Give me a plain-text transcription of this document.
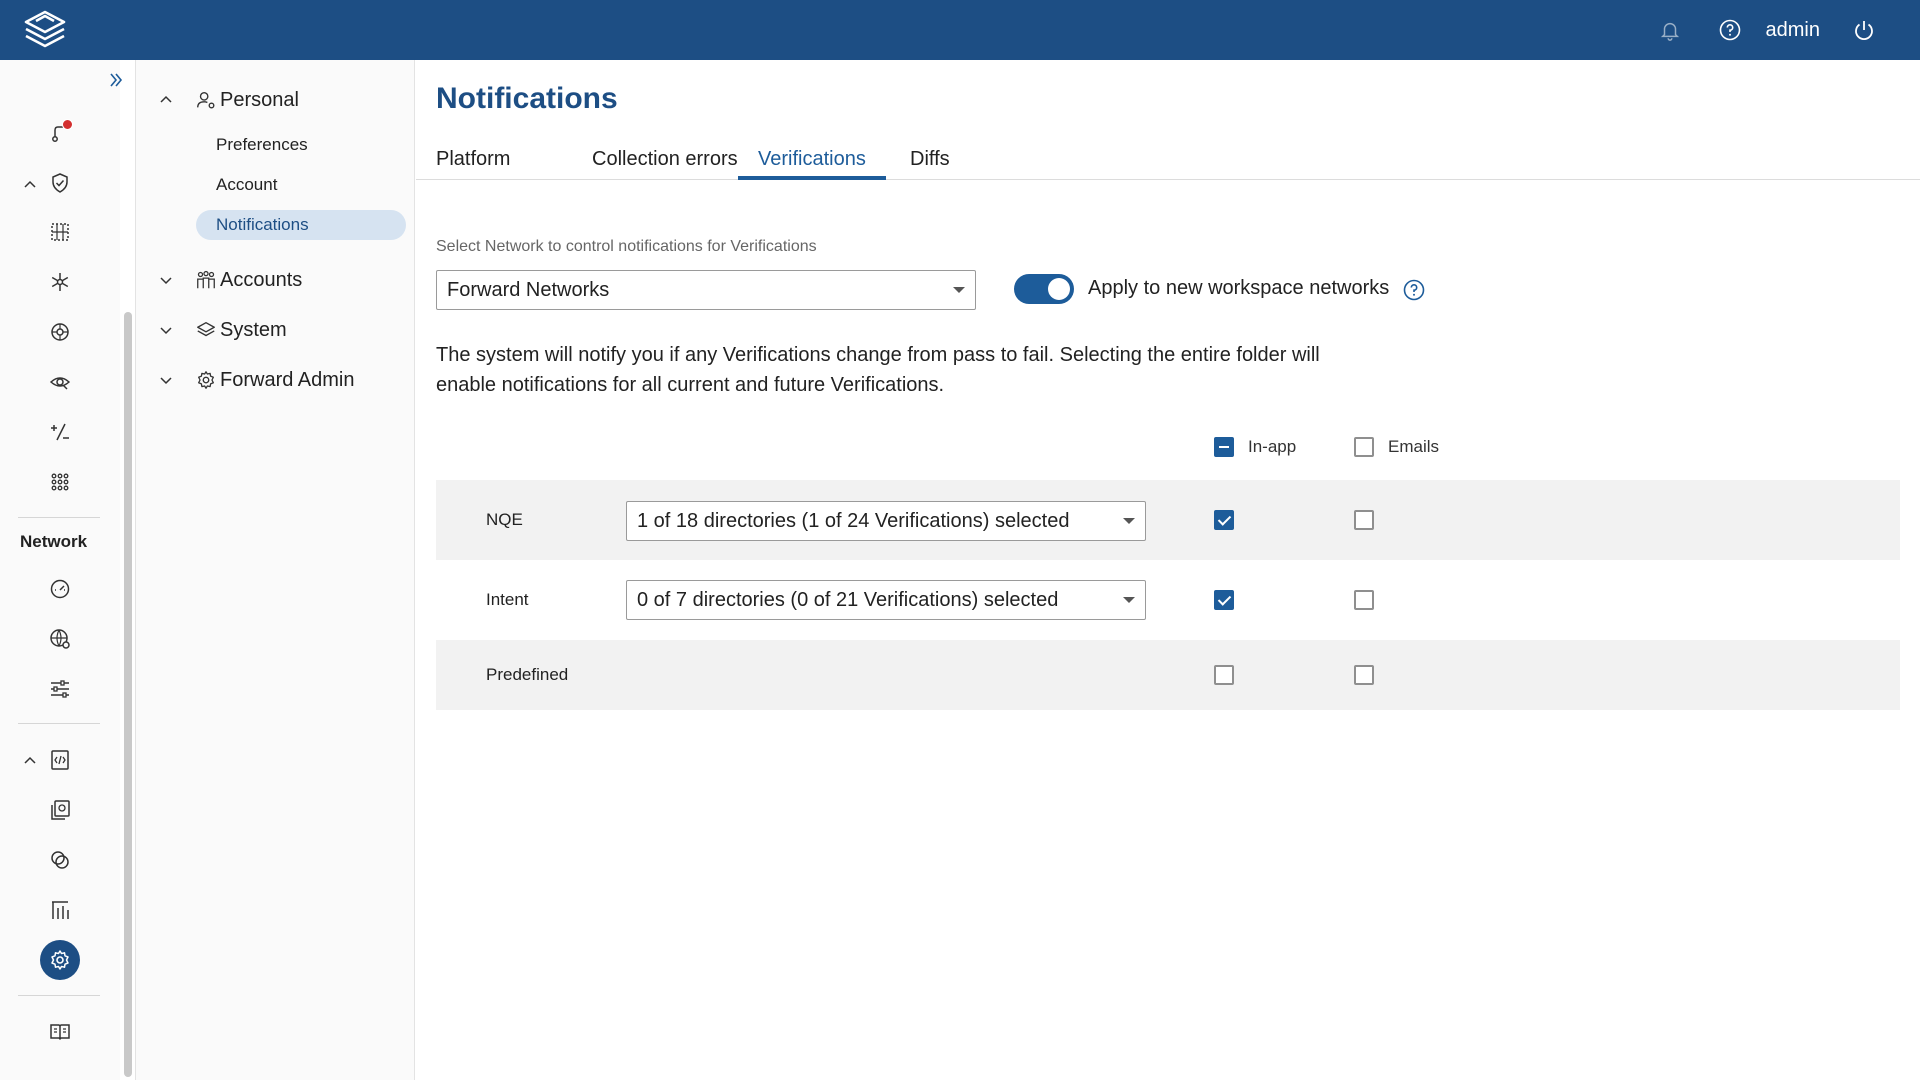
admin
Network
Personal
Preferences
Account
Notifications
Accounts
System
Forward Admin
Notifications
Platform	Collection errors	Verifications	Diffs
Select Network to control notifications for Verifications
Forward Networks	Apply to new workspace networks
The system will notify you if any Verifications change from pass to fail. Selecting the entire folder will enable notifications for all current and future Verifications.
In-app	Emails
NQE	1 of 18 directories (1 of 24 Verifications) selected
Intent	0 of 7 directories (0 of 21 Verifications) selected
Predefined
